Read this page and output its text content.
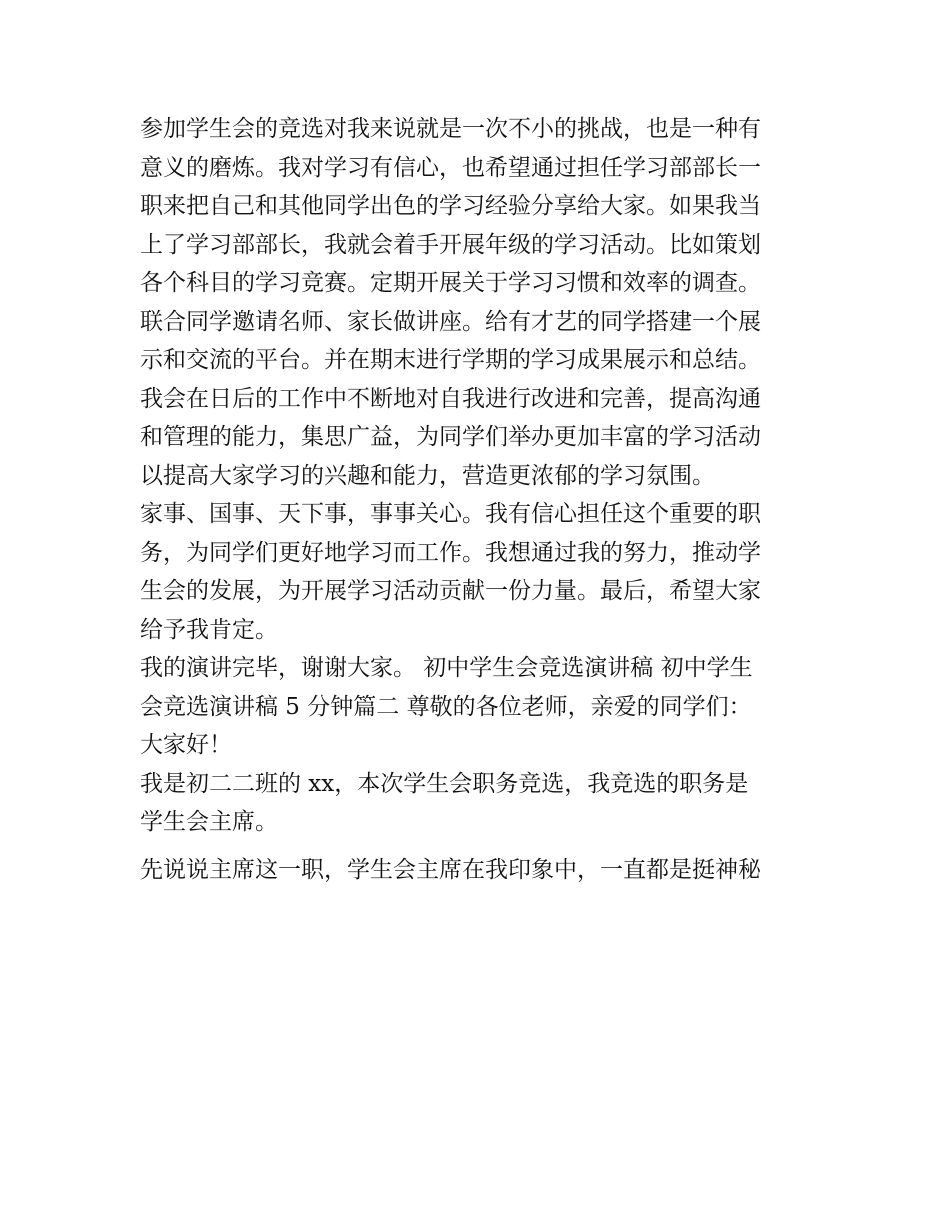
参加学生会的竞选对我来说就是一次不小的挑战，也是一种有

意义的磨炼。我对学习有信心，也希望通过担任学习部部长一

职来把自己和其他同学出色的学习经验分享给大家。如果我当

上了学习部部长，我就会着手开展年级的学习活动。比如策划

各个科目的学习竞赛。定期开展关于学习习惯和效率的调查。

联合同学邀请名师、家长做讲座。给有才艺的同学搭建一个展

示和交流的平台。并在期末进行学期的学习成果展示和总结。

我会在日后的工作中不断地对自我进行改进和完善，提高沟通

和管理的能力，集思广益，为同学们举办更加丰富的学习活动

以提高大家学习的兴趣和能力，营造更浓郁的学习氛围。

家事、国事、天下事，事事关心。我有信心担任这个重要的职

务，为同学们更好地学习而工作。我想通过我的努力，推动学

生会的发展，为开展学习活动贡献一份力量。最后，希望大家

给予我肯定。

我的演讲完毕，谢谢大家。 初中学生会竞选演讲稿 初中学生

会竞选演讲稿 5 分钟篇二 尊敬的各位老师，亲爱的同学们：

大家好！

我是初二二班的 xx，本次学生会职务竞选，我竞选的职务是

学生会主席。

先说说主席这一职，学生会主席在我印象中，一直都是挺神秘
